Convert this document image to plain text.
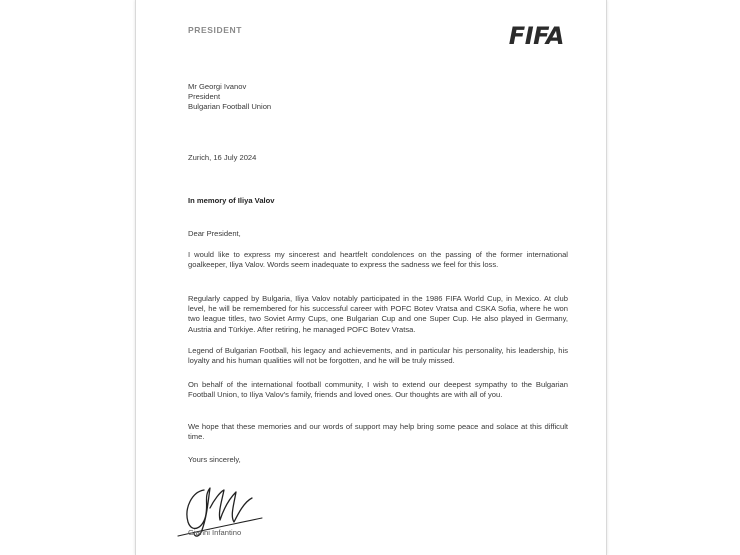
PRESIDENT	FIFA
Mr Georgi Ivanov
President
Bulgarian Football Union
Zurich, 16 July 2024
In memory of Iliya Valov
Dear President,
I would like to express my sincerest and heartfelt condolences on the passing of the former international goalkeeper, Iliya Valov. Words seem inadequate to express the sadness we feel for this loss.
Regularly capped by Bulgaria, Iliya Valov notably participated in the 1986 FIFA World Cup, in Mexico. At club level, he will be remembered for his successful career with POFC Botev Vratsa and CSKA Sofia, where he won two league titles, two Soviet Army Cups, one Bulgarian Cup and one Super Cup. He also played in Germany, Austria and Türkiye. After retiring, he managed POFC Botev Vratsa.
Legend of Bulgarian Football, his legacy and achievements, and in particular his personality, his leadership, his loyalty and his human qualities will not be forgotten, and he will be truly missed.
On behalf of the international football community, I wish to extend our deepest sympathy to the Bulgarian Football Union, to Iliya Valov's family, friends and loved ones. Our thoughts are with all of you.
We hope that these memories and our words of support may help bring some peace and solace at this difficult time.
Yours sincerely,
Gianni Infantino
